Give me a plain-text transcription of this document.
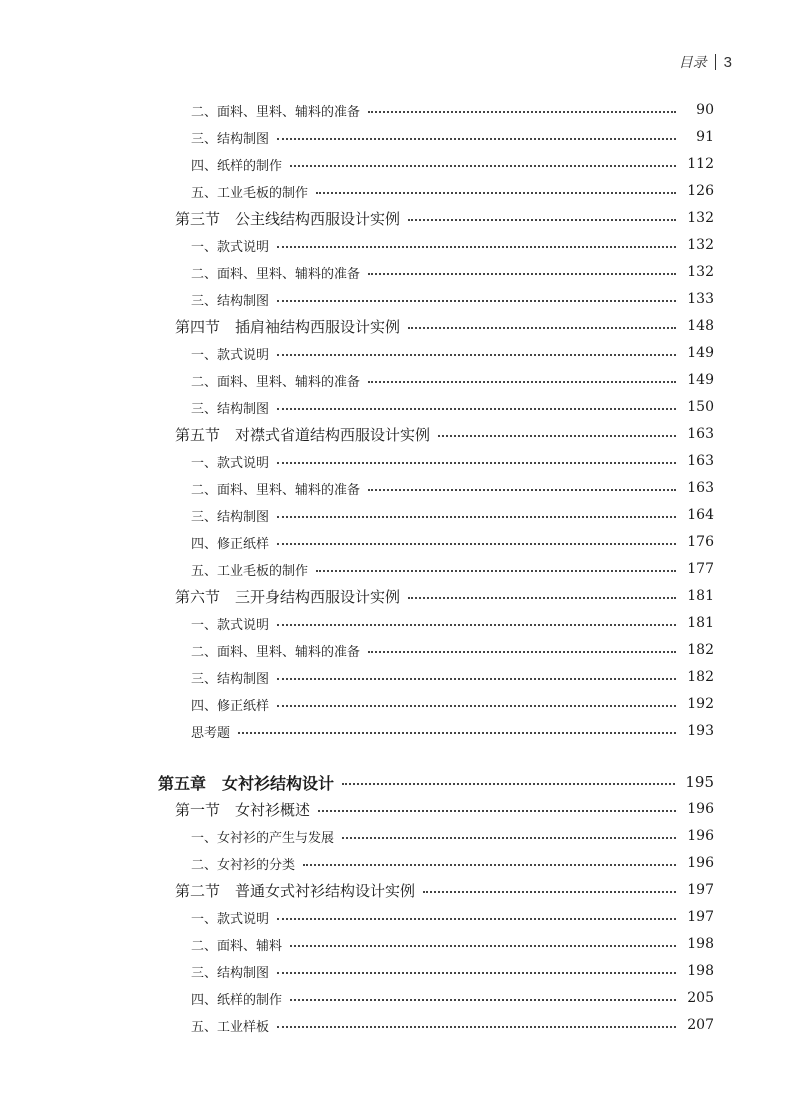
目录 3
二、面料、里料、辅料的准备	90
三、结构制图	91
四、纸样的制作	112
五、工业毛板的制作	126
第三节　公主线结构西服设计实例	132
一、款式说明	132
二、面料、里料、辅料的准备	132
三、结构制图	133
第四节　插肩袖结构西服设计实例	148
一、款式说明	149
二、面料、里料、辅料的准备	149
三、结构制图	150
第五节　对襟式省道结构西服设计实例	163
一、款式说明	163
二、面料、里料、辅料的准备	163
三、结构制图	164
四、修正纸样	176
五、工业毛板的制作	177
第六节　三开身结构西服设计实例	181
一、款式说明	181
二、面料、里料、辅料的准备	182
三、结构制图	182
四、修正纸样	192
思考题	193
第五章　女衬衫结构设计	195
第一节　女衬衫概述	196
一、女衬衫的产生与发展	196
二、女衬衫的分类	196
第二节　普通女式衬衫结构设计实例	197
一、款式说明	197
二、面料、辅料	198
三、结构制图	198
四、纸样的制作	205
五、工业样板	207
